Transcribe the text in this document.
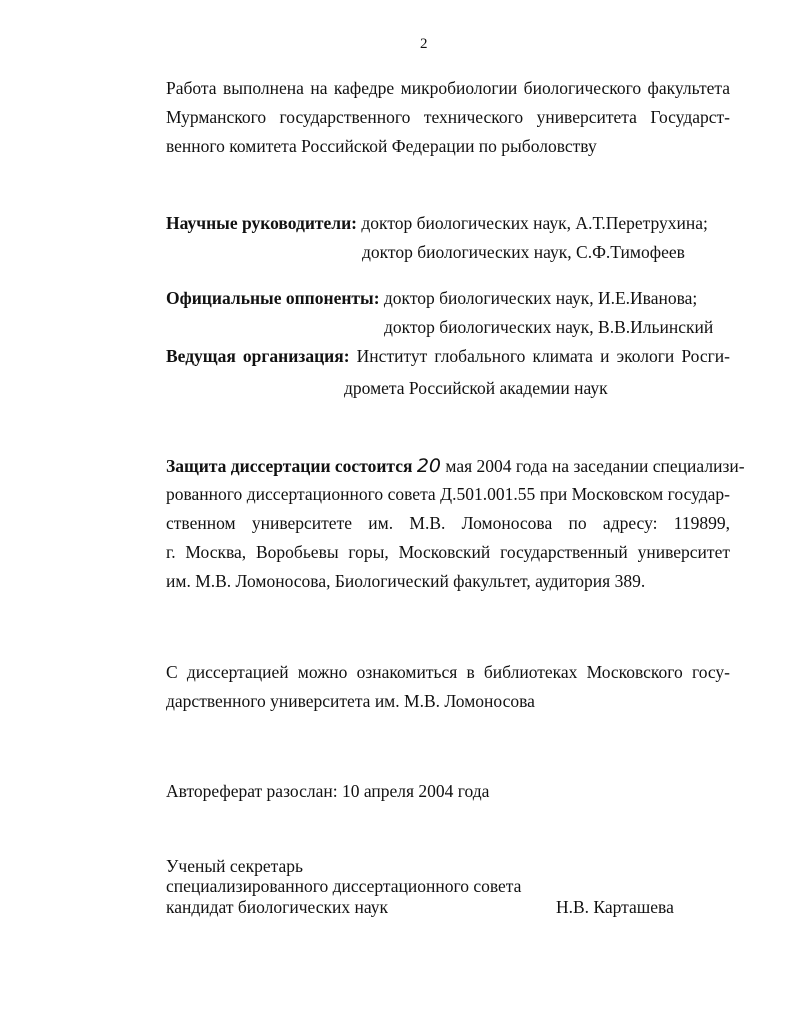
2
Работа выполнена на кафедре микробиологии биологического факультета
Мурманского государственного технического университета Государст-
венного комитета Российской Федерации по рыболовству
Научные руководители: доктор биологических наук, А.Т.Перетрухина;
доктор биологических наук, С.Ф.Тимофеев
Официальные оппоненты: доктор биологических наук, И.Е.Иванова;
доктор биологических наук, В.В.Ильинский
Ведущая организация: Институт глобального климата и экологи Росги-
дромета Российской академии наук
Защита диссертации состоится 20 мая 2004 года на заседании специализи-
рованного диссертационного совета Д.501.001.55 при Московском государ-
ственном университете им. М.В. Ломоносова по адресу: 119899,
г. Москва, Воробьевы горы, Московский государственный университет
им. М.В. Ломоносова, Биологический факультет, аудитория 389.
С диссертацией можно ознакомиться в библиотеках Московского госу-
дарственного университета им. М.В. Ломоносова
Автореферат разослан: 10 апреля 2004 года
Ученый секретарь
специализированного диссертационного совета
кандидат биологических наук	Н.В. Карташева
